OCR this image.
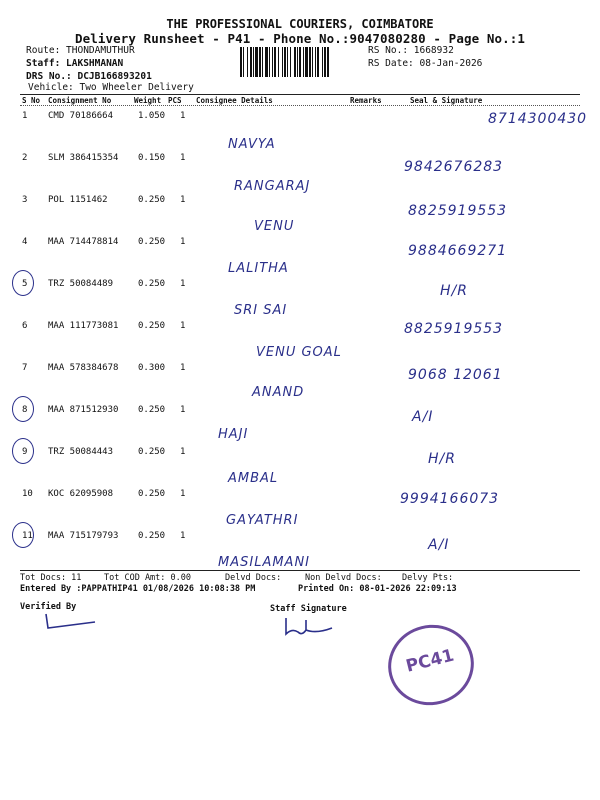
THE PROFESSIONAL COURIERS, COIMBATORE
Delivery Runsheet - P41 - Phone No.:9047080280 - Page No.:1
Route: THONDAMUTHUR
Staff: LAKSHMANAN
DRS No.: DCJB166893201
Vehicle: Two Wheeler Delivery
RS No.: 1668932
RS Date: 08-Jan-2026
S No Consignment No	Weight PCS Consignee Details	Remarks	Seal & Signature
1 CMD 70186664	1.050 1
NAVYA
8714300430
2 SLM 386415354 0.150 1
RANGARAJ
9842676283
3 POL 1151462	0.250 1
VENU
8825919553
4 MAA 714478814 0.250 1
LALITHA
9884669271
5 TRZ 50084489	0.250 1
SRI SAI
H/R
6 MAA 111773081 0.250 1
VENU GOAL
8825919553
7 MAA 578384678 0.300 1
ANAND
9068 12061
8 MAA 871512930 0.250 1
HAJI
A/I
9 TRZ 50084443	0.250 1
AMBAL
H/R
10 KOC 62095908	0.250 1
GAYATHRI
9994166073
11 MAA 715179793 0.250 1
MASILAMANI
A/I
Tot Docs: 11	Tot COD Amt: 0.00	Delvd Docs:	Non Delvd Docs: Delvy Pts:
Entered By :PAPPATHIP41 01/08/2026 10:08:38 PM	Printed On: 08-01-2026 22:09:13
Verified By	Staff Signature
PC41
